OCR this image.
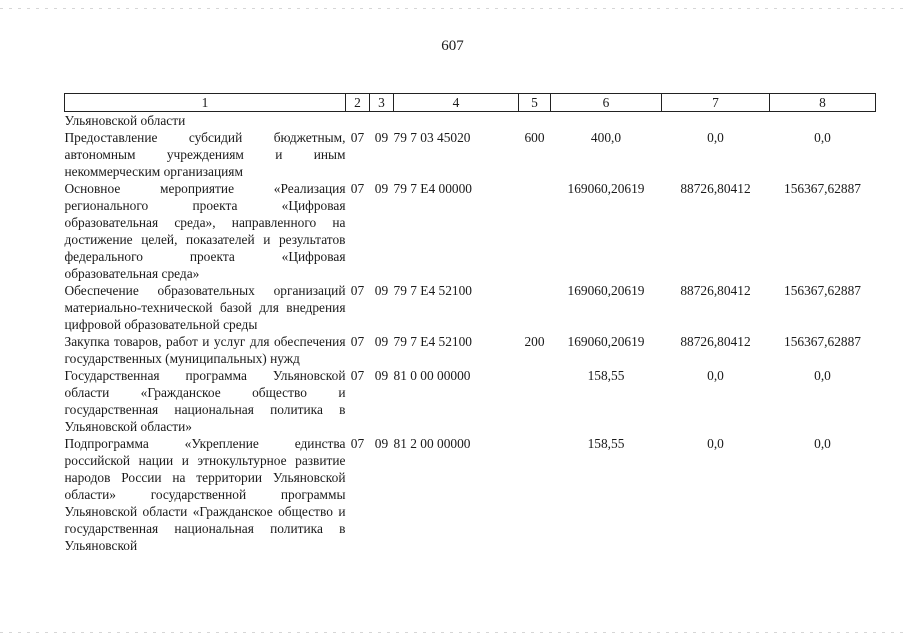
607
1	2	3	4	5	6	7	8
Ульяновской области							
Предоставление субсидий бюджетным, автономным учреждениям и иным некоммерческим организациям	07	09	79 7 03 45020	600	400,0	0,0	0,0
Основное мероприятие «Реализация регионального проекта «Цифровая образовательная среда», направленного на достижение целей, показателей и результатов федерального проекта «Цифровая образовательная среда»	07	09	79 7 E4 00000		169060,20619	88726,80412	156367,62887
Обеспечение образовательных организаций материально-технической базой для внедрения цифровой образовательной среды	07	09	79 7 E4 52100		169060,20619	88726,80412	156367,62887
Закупка товаров, работ и услуг для обеспечения государственных (муниципальных) нужд	07	09	79 7 E4 52100	200	169060,20619	88726,80412	156367,62887
Государственная программа Ульяновской области «Гражданское общество и государственная национальная политика в Ульяновской области»	07	09	81 0 00 00000		158,55	0,0	0,0
Подпрограмма «Укрепление единства российской нации и этнокультурное развитие народов России на территории Ульяновской области» государственной программы Ульяновской области «Гражданское общество и государственная национальная политика в Ульяновской	07	09	81 2 00 00000		158,55	0,0	0,0
